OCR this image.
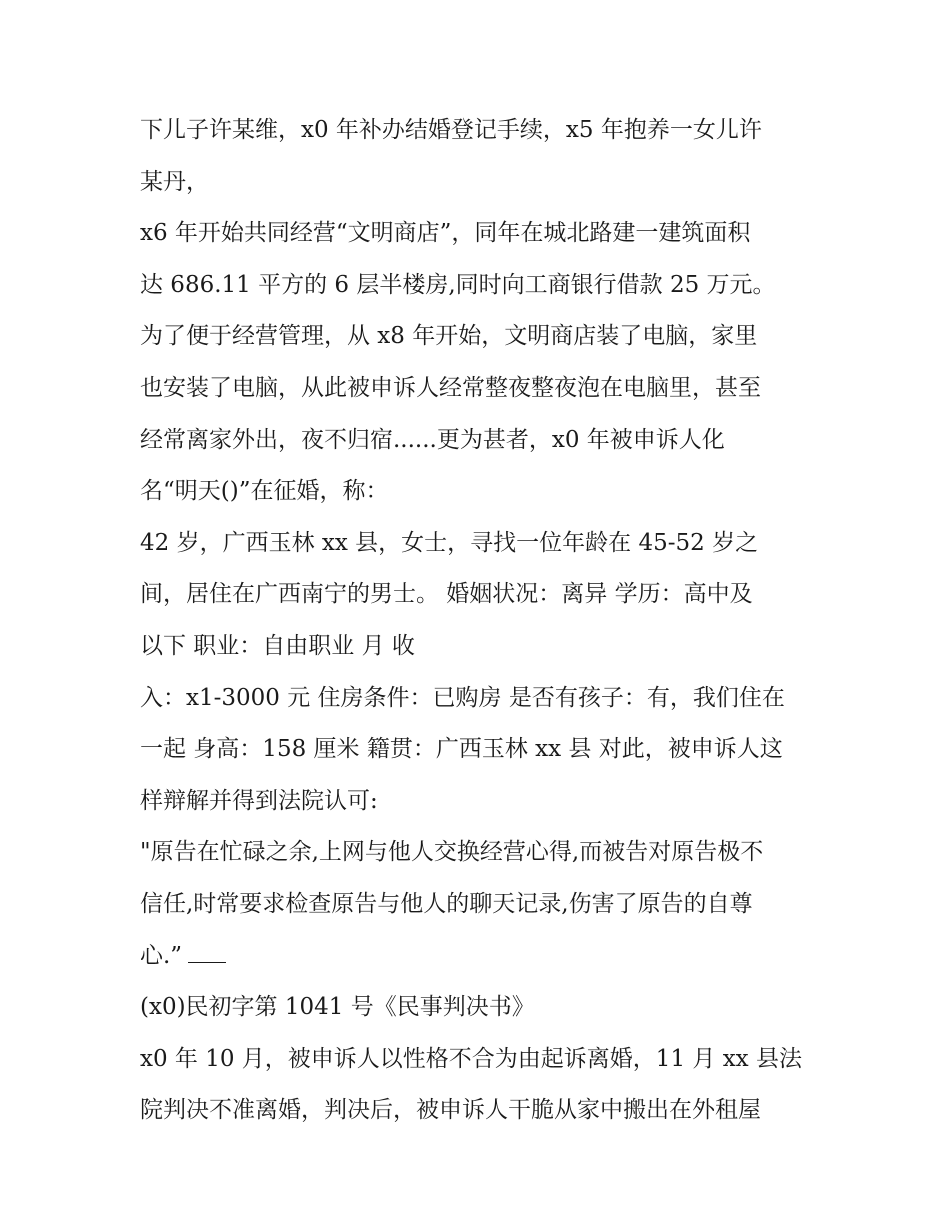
下儿子许某维，x0 年补办结婚登记手续，x5 年抱养一女儿许
某丹，
x6 年开始共同经营“文明商店”，同年在城北路建一建筑面积
达 686.11 平方的 6 层半楼房,同时向工商银行借款 25 万元。
为了便于经营管理，从 x8 年开始，文明商店装了电脑，家里
也安装了电脑，从此被申诉人经常整夜整夜泡在电脑里，甚至
经常离家外出，夜不归宿......更为甚者，x0 年被申诉人化
名“明天()”在征婚，称：
42 岁，广西玉林 xx 县，女士，寻找一位年龄在 45-52 岁之
间，居住在广西南宁的男士。 婚姻状况：离异 学历：高中及
以下 职业：自由职业 月 收
入：x1-3000 元 住房条件：已购房 是否有孩子：有，我们住在
一起 身高：158 厘米 籍贯：广西玉林 xx 县 对此，被申诉人这
样辩解并得到法院认可:
"原告在忙碌之余,上网与他人交换经营心得,而被告对原告极不
信任,时常要求检查原告与他人的聊天记录,伤害了原告的自尊
心.”
(x0)民初字第 1041 号《民事判决书》
x0 年 10 月，被申诉人以性格不合为由起诉离婚，11 月 xx 县法
院判决不准离婚，判决后，被申诉人干脆从家中搬出在外租屋
